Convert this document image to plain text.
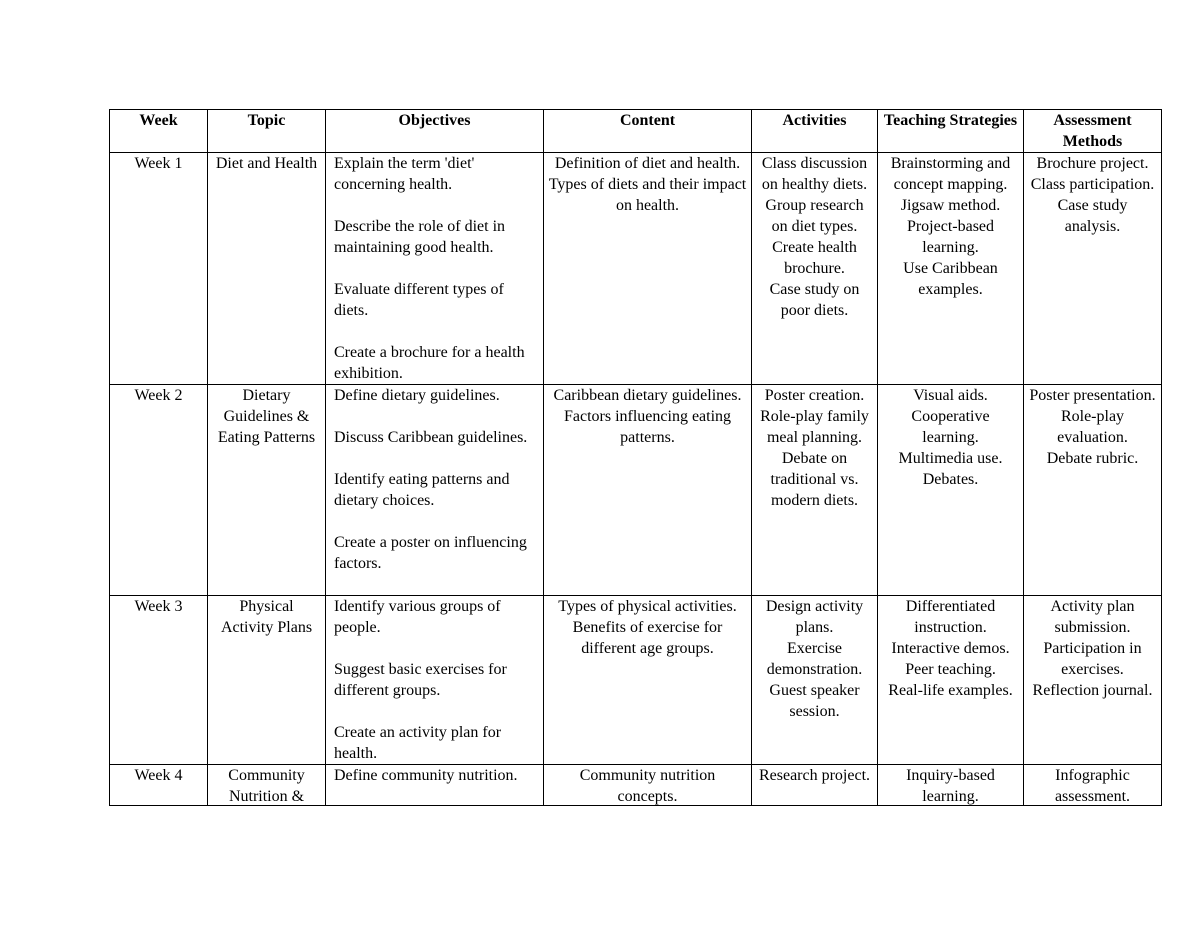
Week	Topic	Objectives	Content	Activities	Teaching Strategies	Assessment Methods
Week 1	Diet and Health	Explain the term 'diet' concerning health.
Describe the role of diet in maintaining good health.
Evaluate different types of diets.
Create a brochure for a health exhibition.	Definition of diet and health.
Types of diets and their impact on health.	Class discussion on healthy diets.
Group research on diet types.
Create health brochure.
Case study on poor diets.	Brainstorming and concept mapping.
Jigsaw method.
Project-based learning.
Use Caribbean examples.	Brochure project.
Class participation.
Case study analysis.

Week 2	Dietary Guidelines & Eating Patterns	Define dietary guidelines.
Discuss Caribbean guidelines.
Identify eating patterns and dietary choices.
Create a poster on influencing factors.	Caribbean dietary guidelines.
Factors influencing eating patterns.	Poster creation.
Role-play family meal planning.
Debate on traditional vs. modern diets.	Visual aids.
Cooperative learning.
Multimedia use.
Debates.	Poster presentation.
Role-play evaluation.
Debate rubric.

Week 3	Physical Activity Plans	Identify various groups of people.
Suggest basic exercises for different groups.
Create an activity plan for health.	Types of physical activities.
Benefits of exercise for different age groups.	Design activity plans.
Exercise demonstration.
Guest speaker session.	Differentiated instruction.
Interactive demos.
Peer teaching.
Real-life examples.	Activity plan submission.
Participation in exercises.
Reflection journal.

Week 4	Community Nutrition &	Define community nutrition.	Community nutrition concepts.	Research project.	Inquiry-based learning.	Infographic assessment.
